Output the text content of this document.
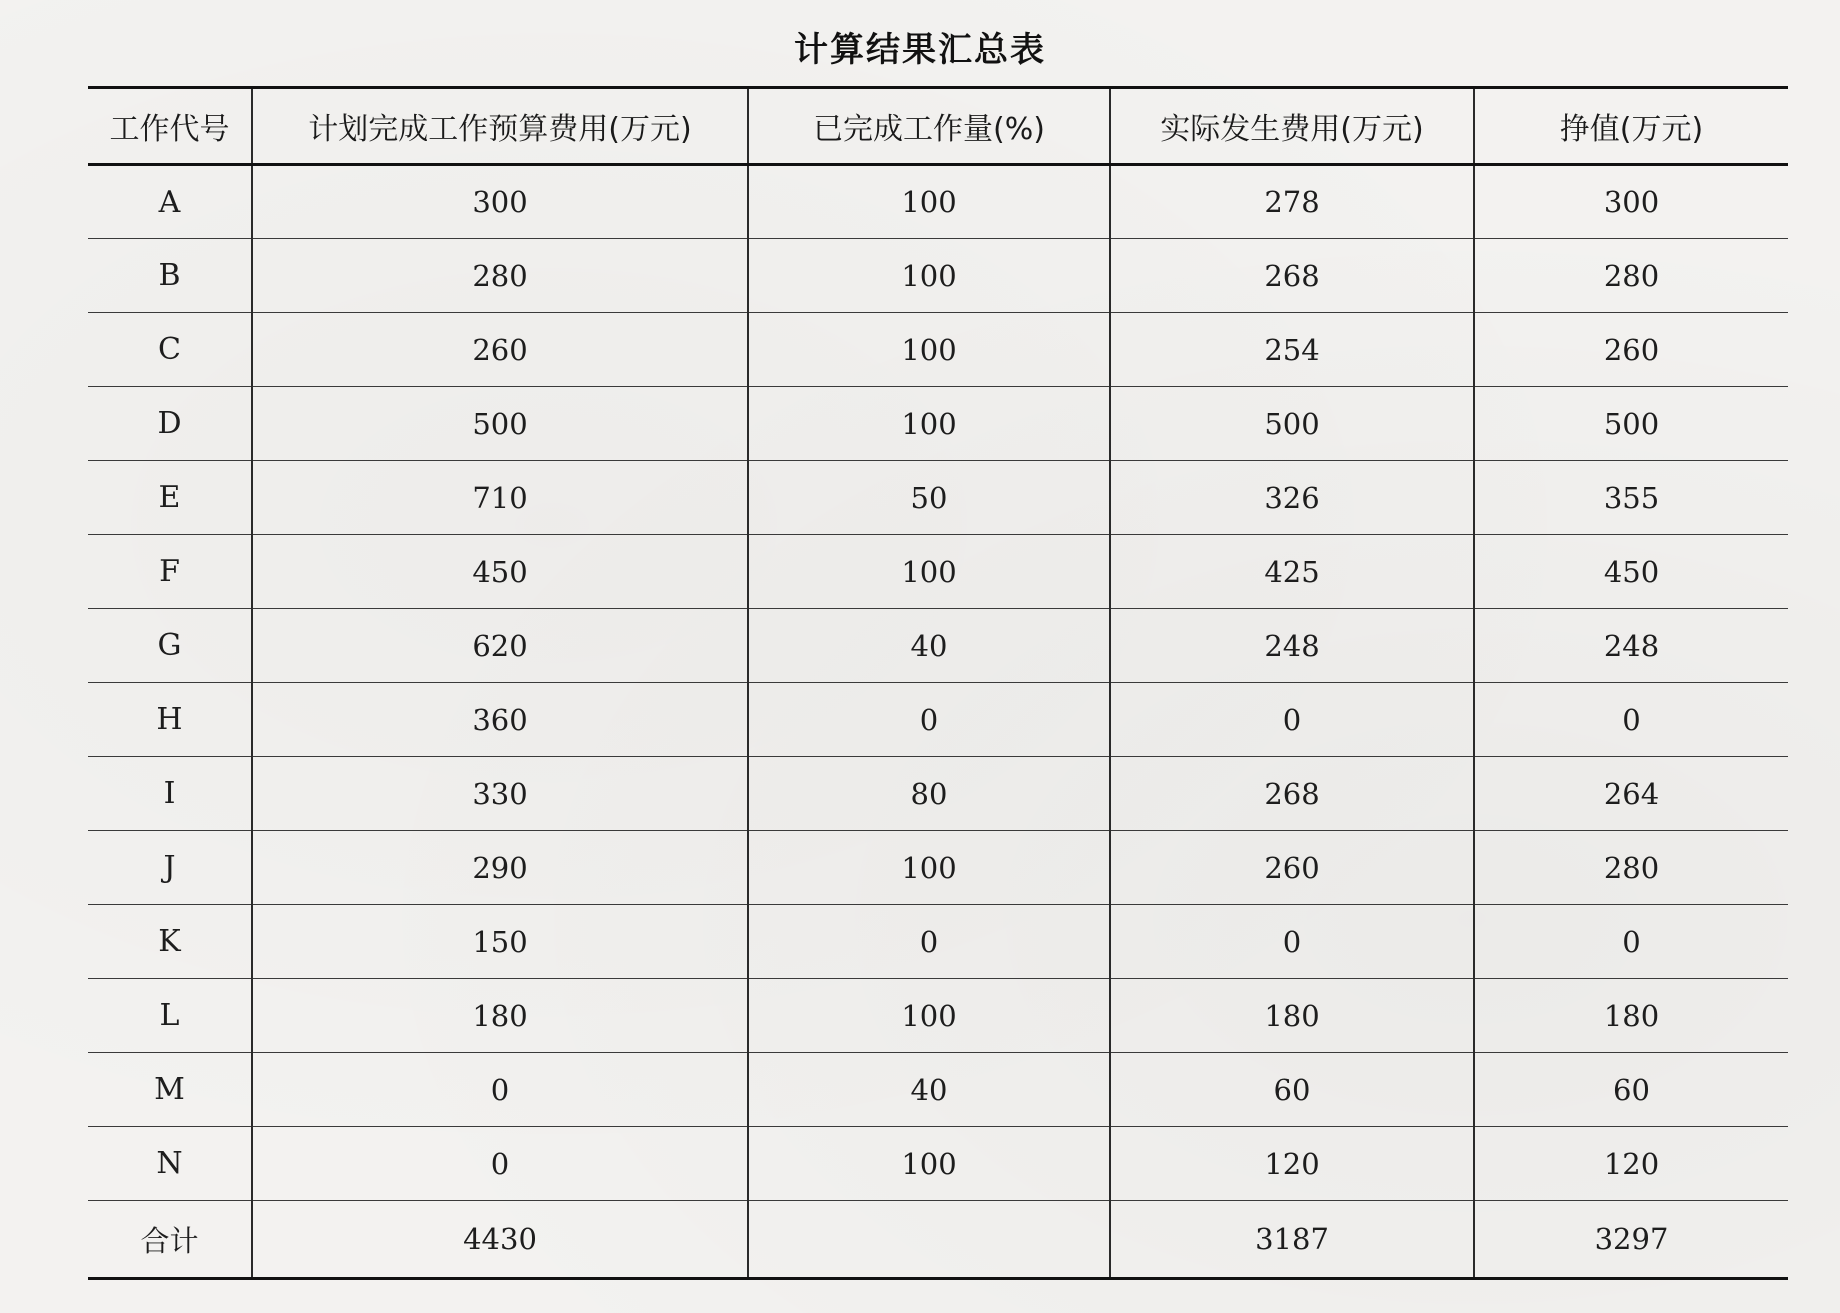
计算结果汇总表
工作代号	计划完成工作预算费用(万元)	已完成工作量(%)	实际发生费用(万元)	挣值(万元)
A	300	100	278	300
B	280	100	268	280
C	260	100	254	260
D	500	100	500	500
E	710	50	326	355
F	450	100	425	450
G	620	40	248	248
H	360	0	0	0
I	330	80	268	264
J	290	100	260	280
K	150	0	0	0
L	180	100	180	180
M	0	40	60	60
N	0	100	120	120
合计	4430		3187	3297
